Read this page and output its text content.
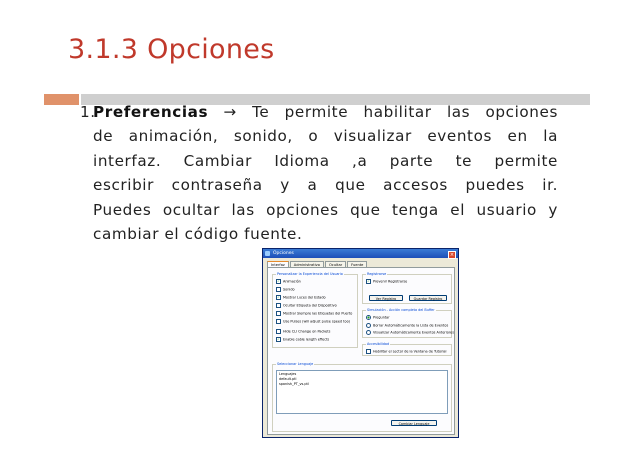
3.1.3 Opciones
1.
Preferencias → Te permite habilitar las opciones
de animación, sonido, o visualizar eventos en la
interfaz. Cambiar Idioma ,a parte te permite
escribir contraseña y a que accesos puedes ir.
Puedes ocultar las opciones que tenga el usuario y
cambiar el código fuente.
Opciones	×
Interfaz	Administrativo	Ocultar	Fuente
Personalizar la Experiencia del Usuario
✓ Animación
Sonido
✓ Mostrar Luces del Estado
Ocultar Etiqueta del Dispositivo
Mostrar Siempre las Etiquetas del Puerto
Use Pulses (will adjust pulse speed too)
Hide CLI Change on Packets
✓ Enable cable length effects
Registrarse
✓ Prevenir Registrarse
Ver Registro	Guardar Registro
Simulación - Acción completa del Buffer
Preguntar
Borrar Automáticamente la Lista de Eventos
Visualizar Automáticamente Eventos Anteriores
Accesibilidad
Habilitar el Lector de la Ventana de Tutorial
Seleccionar Lenguaje
Lenguajes
default.ptl
spanish_PT_vs.ptl
Cambiar Lenguaje
